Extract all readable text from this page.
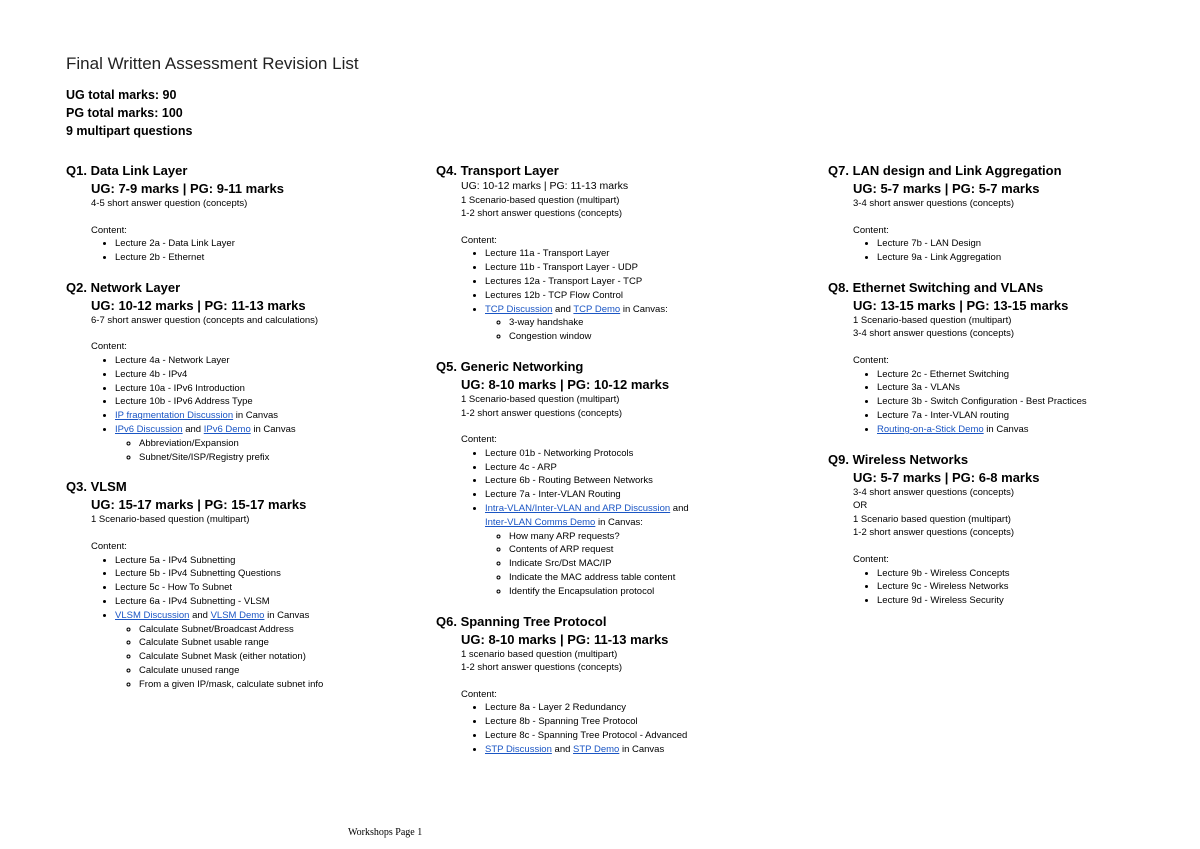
Final Written Assessment Revision List
UG total marks: 90
PG total marks: 100
9 multipart questions
Q1. Data Link Layer
UG: 7-9 marks | PG: 9-11 marks
4-5 short answer question (concepts)
Content:
• Lecture 2a - Data Link Layer
• Lecture 2b - Ethernet
Q2. Network Layer
UG: 10-12 marks | PG: 11-13 marks
6-7 short answer question (concepts and calculations)
Content:
• Lecture 4a - Network Layer
• Lecture 4b - IPv4
• Lecture 10a - IPv6 Introduction
• Lecture 10b - IPv6 Address Type
• IP fragmentation Discussion in Canvas
• IPv6 Discussion and IPv6 Demo in Canvas
◦ Abbreviation/Expansion
◦ Subnet/Site/ISP/Registry prefix
Q3. VLSM
UG: 15-17 marks | PG: 15-17 marks
1 Scenario-based question (multipart)
Content:
• Lecture 5a - IPv4 Subnetting
• Lecture 5b - IPv4 Subnetting Questions
• Lecture 5c - How To Subnet
• Lecture 6a - IPv4 Subnetting - VLSM
• VLSM Discussion and VLSM Demo in Canvas
◦ Calculate Subnet/Broadcast Address
◦ Calculate Subnet usable range
◦ Calculate Subnet Mask (either notation)
◦ Calculate unused range
◦ From a given IP/mask, calculate subnet info
Q4. Transport Layer
UG: 10-12 marks | PG: 11-13 marks
1 Scenario-based question (multipart)
1-2 short answer questions (concepts)
Content:
• Lecture 11a - Transport Layer
• Lecture 11b - Transport Layer - UDP
• Lectures 12a - Transport Layer - TCP
• Lectures 12b - TCP Flow Control
• TCP Discussion and TCP Demo in Canvas:
◦ 3-way handshake
◦ Congestion window
Q5. Generic Networking
UG: 8-10 marks | PG: 10-12 marks
1 Scenario-based question (multipart)
1-2 short answer questions (concepts)
Content:
• Lecture 01b - Networking Protocols
• Lecture 4c - ARP
• Lecture 6b - Routing Between Networks
• Lecture 7a - Inter-VLAN Routing
• Intra-VLAN/Inter-VLAN and ARP Discussion and
Inter-VLAN Comms Demo in Canvas:
◦ How many ARP requests?
◦ Contents of ARP request
◦ Indicate Src/Dst MAC/IP
◦ Indicate the MAC address table content
◦ Identify the Encapsulation protocol
Q6. Spanning Tree Protocol
UG: 8-10 marks | PG: 11-13 marks
1 scenario based question (multipart)
1-2 short answer questions (concepts)
Content:
• Lecture 8a - Layer 2 Redundancy
• Lecture 8b - Spanning Tree Protocol
• Lecture 8c - Spanning Tree Protocol - Advanced
• STP Discussion and STP Demo in Canvas
Q7. LAN design and Link Aggregation
UG: 5-7 marks | PG: 5-7 marks
3-4 short answer questions (concepts)
Content:
• Lecture 7b - LAN Design
• Lecture 9a - Link Aggregation
Q8. Ethernet Switching and VLANs
UG: 13-15 marks | PG: 13-15 marks
1 Scenario-based question (multipart)
3-4 short answer questions (concepts)
Content:
• Lecture 2c - Ethernet Switching
• Lecture 3a - VLANs
• Lecture 3b - Switch Configuration - Best Practices
• Lecture 7a - Inter-VLAN routing
• Routing-on-a-Stick Demo in Canvas
Q9. Wireless Networks
UG: 5-7 marks | PG: 6-8 marks
3-4 short answer questions (concepts)
OR
1 Scenario based question (multipart)
1-2 short answer questions (concepts)
Content:
• Lecture 9b - Wireless Concepts
• Lecture 9c - Wireless Networks
• Lecture 9d - Wireless Security
Workshops Page 1
